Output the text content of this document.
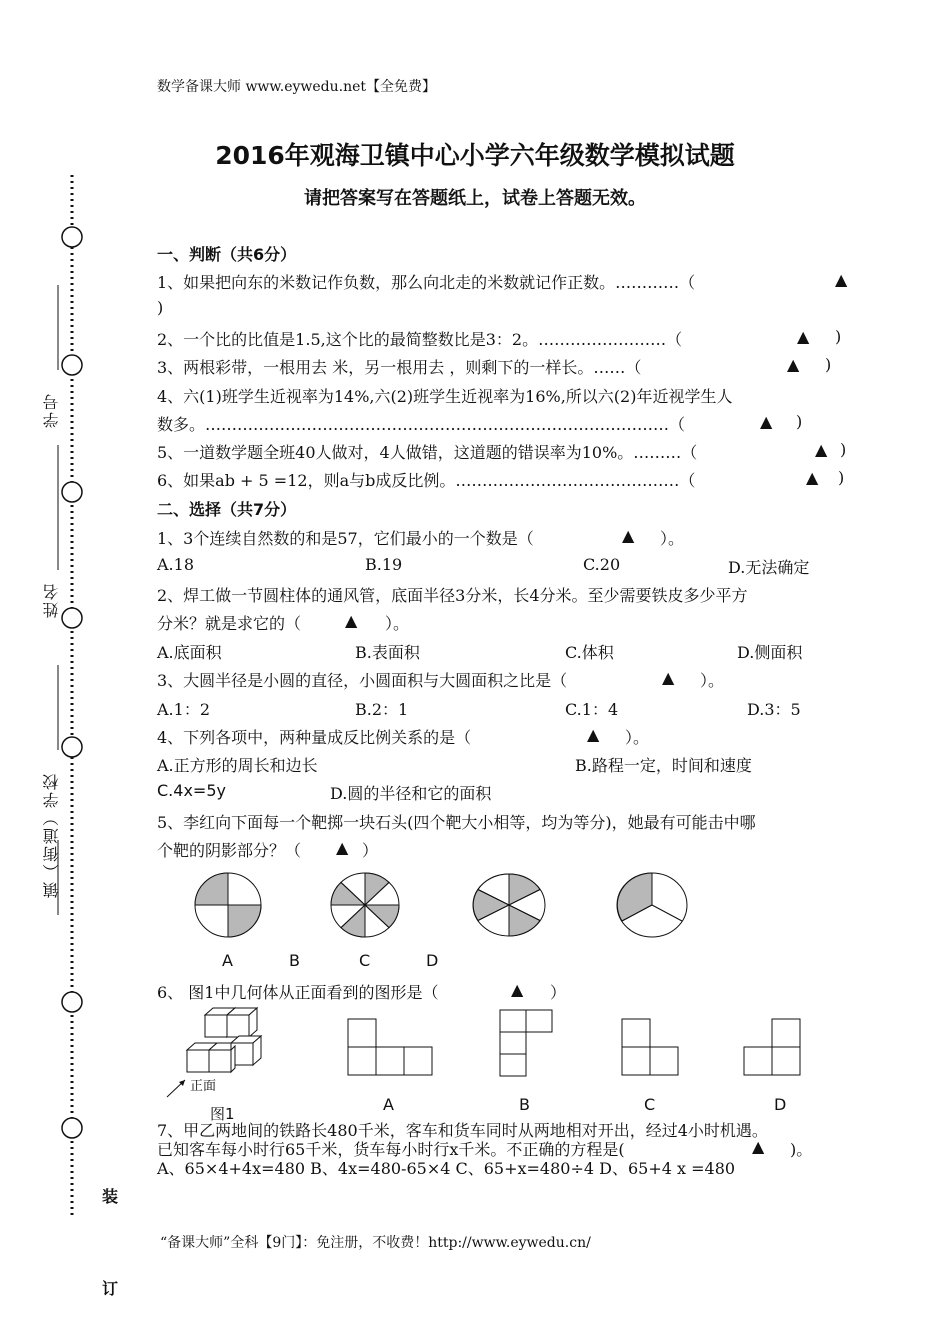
数学备课大师 www.eywedu.net【全免费】
2016年观海卫镇中心小学六年级数学模拟试题
请把答案写在答题纸上，试卷上答题无效。
学号
姓名
镇（街道）学校
装
订
一、判断（共6分）
1、如果把向东的米数记作负数，那么向北走的米数就记作正数。…………（	▲
)
2、一个比的比值是1.5,这个比的最简整数比是3：2。……………………（	▲ )
3、两根彩带，一根用去 米，另一根用去 ，则剩下的一样长。……（	▲ )
4、六(1)班学生近视率为14%,六(2)班学生近视率为16%,所以六(2)年近视学生人
数多。……………………………………………………………………………（	▲ )
5、一道数学题全班40人做对，4人做错，这道题的错误率为10%。………（	▲ )
6、如果ab + 5 =12，则a与b成反比例。……………………………………（	▲ )
二、选择（共7分）
1、3个连续自然数的和是57，它们最小的一个数是（	▲ ）。
A.18	B.19	C.20	D.无法确定
2、焊工做一节圆柱体的通风管，底面半径3分米，长4分米。至少需要铁皮多少平方
分米？就是求它的（	▲ ）。
A.底面积	B.表面积	C.体积	D.侧面积
3、大圆半径是小圆的直径，小圆面积与大圆面积之比是（	▲ ）。
A.1：2	B.2：1	C.1：4	D.3：5
4、下列各项中，两种量成反比例关系的是（	▲ ）。
A.正方形的周长和边长	B.路程一定，时间和速度
C.4x=5y	D.圆的半径和它的面积
5、李红向下面每一个靶掷一块石头(四个靶大小相等，均为等分)，她最有可能击中哪
个靶的阴影部分？（ ▲ ）
A	B	C	D
6、 图1中几何体从正面看到的图形是（	▲ ）
正面
图1	A	B	C	D
7、甲乙两地间的铁路长480千米，客车和货车同时从两地相对开出，经过4小时机遇。
已知客车每小时行65千米，货车每小时行x千米。不正确的方程是(	▲ )。
A、65×4+4x=480 B、4x=480-65×4 C、65+x=480÷4 D、65+4 x =480
“备课大师”全科【9门】：免注册，不收费！http://www.eywedu.cn/
